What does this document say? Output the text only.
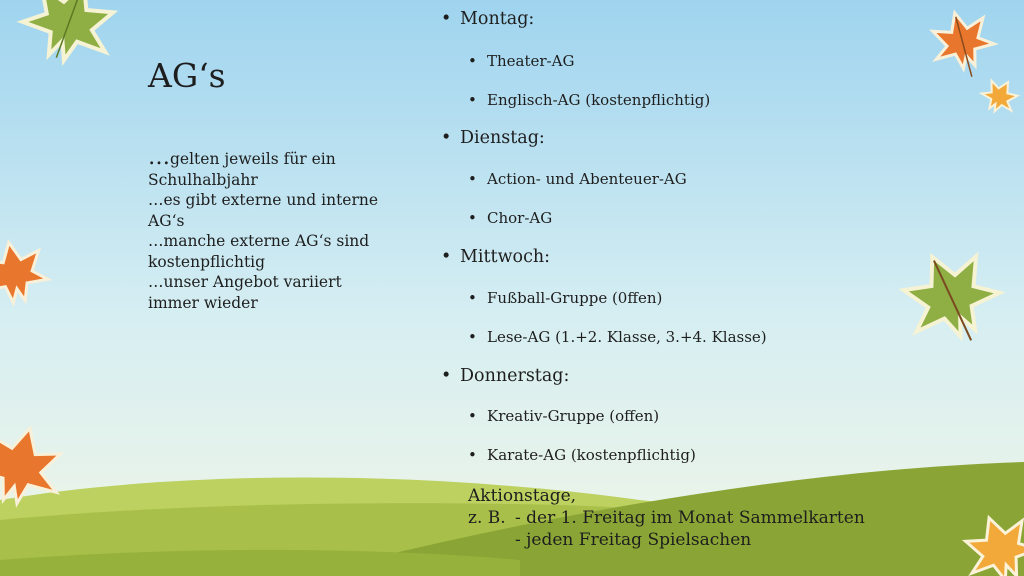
AG‘s
…gelten jeweils für ein Schulhalbjahr
…es gibt externe und interne AG‘s
…manche externe AG‘s sind kostenpflichtig
…unser Angebot variiert immer wieder
• Montag:
• Theater-AG
• Englisch-AG (kostenpflichtig)
• Dienstag:
• Action- und Abenteuer-AG
• Chor-AG
• Mittwoch:
• Fußball-Gruppe (0ffen)
• Lese-AG (1.+2. Klasse, 3.+4. Klasse)
• Donnerstag:
• Kreativ-Gruppe (offen)
• Karate-AG (kostenpflichtig)
Aktionstage,
z. B. - der 1. Freitag im Monat Sammelkarten
- jeden Freitag Spielsachen
